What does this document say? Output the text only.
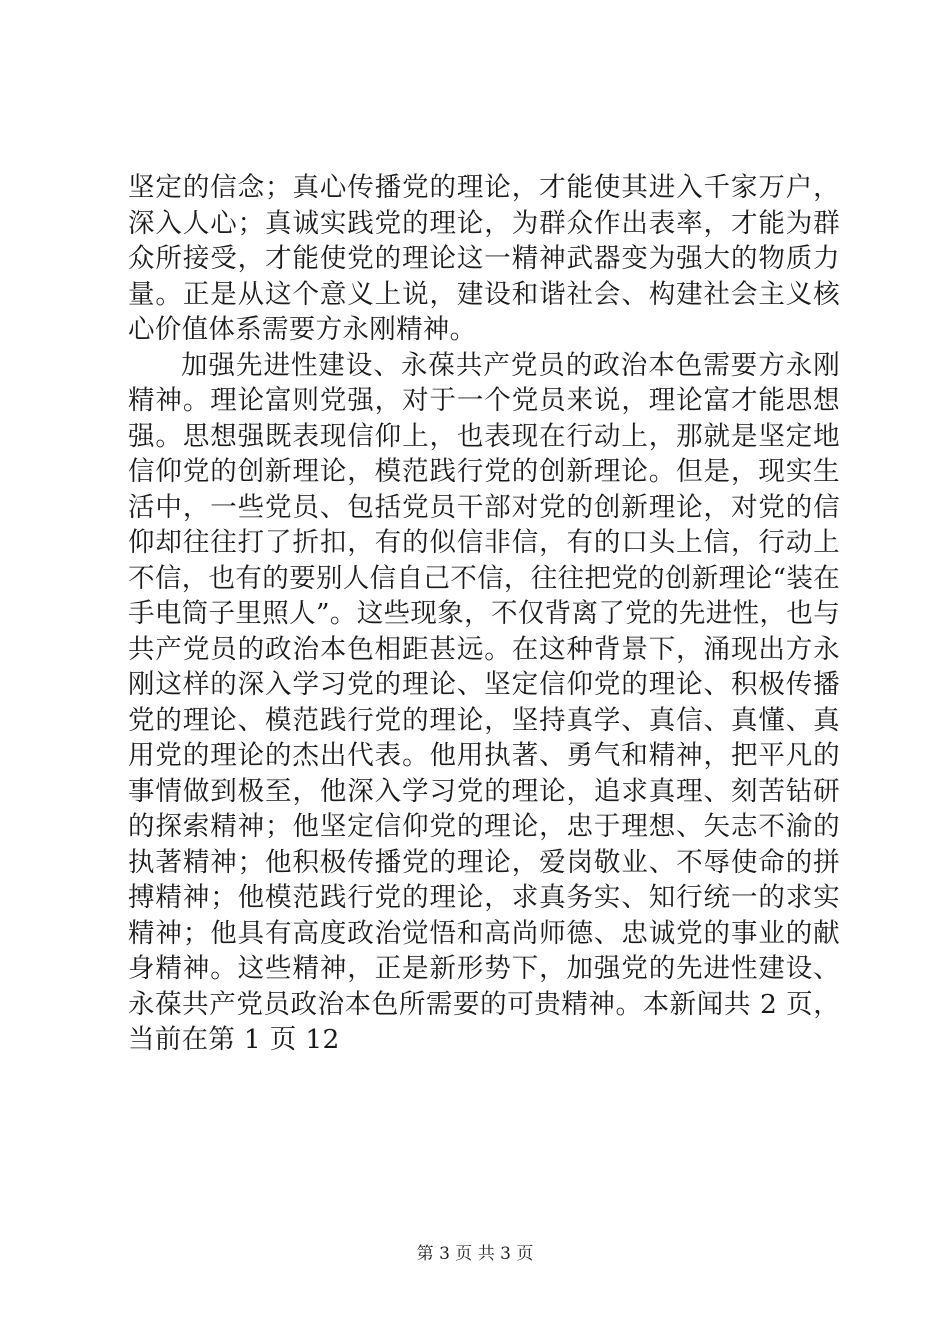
坚定的信念；真心传播党的理论，才能使其进入千家万户，深入人心；真诚实践党的理论，为群众作出表率，才能为群众所接受，才能使党的理论这一精神武器变为强大的物质力量。正是从这个意义上说，建设和谐社会、构建社会主义核心价值体系需要方永刚精神。

加强先进性建设、永葆共产党员的政治本色需要方永刚精神。理论富则党强，对于一个党员来说，理论富才能思想强。思想强既表现信仰上，也表现在行动上，那就是坚定地信仰党的创新理论，模范践行党的创新理论。但是，现实生活中，一些党员、包括党员干部对党的创新理论，对党的信仰却往往打了折扣，有的似信非信，有的口头上信，行动上不信，也有的要别人信自己不信，往往把党的创新理论“装在手电筒子里照人”。这些现象，不仅背离了党的先进性，也与共产党员的政治本色相距甚远。在这种背景下，涌现出方永刚这样的深入学习党的理论、坚定信仰党的理论、积极传播党的理论、模范践行党的理论，坚持真学、真信、真懂、真用党的理论的杰出代表。他用执著、勇气和精神，把平凡的事情做到极至，他深入学习党的理论，追求真理、刻苦钻研的探索精神；他坚定信仰党的理论，忠于理想、矢志不渝的执著精神；他积极传播党的理论，爱岗敬业、不辱使命的拼搏精神；他模范践行党的理论，求真务实、知行统一的求实精神；他具有高度政治觉悟和高尚师德、忠诚党的事业的献身精神。这些精神，正是新形势下，加强党的先进性建设、永葆共产党员政治本色所需要的可贵精神。本新闻共 2 页，当前在第 1 页 12

第 3 页 共 3 页
